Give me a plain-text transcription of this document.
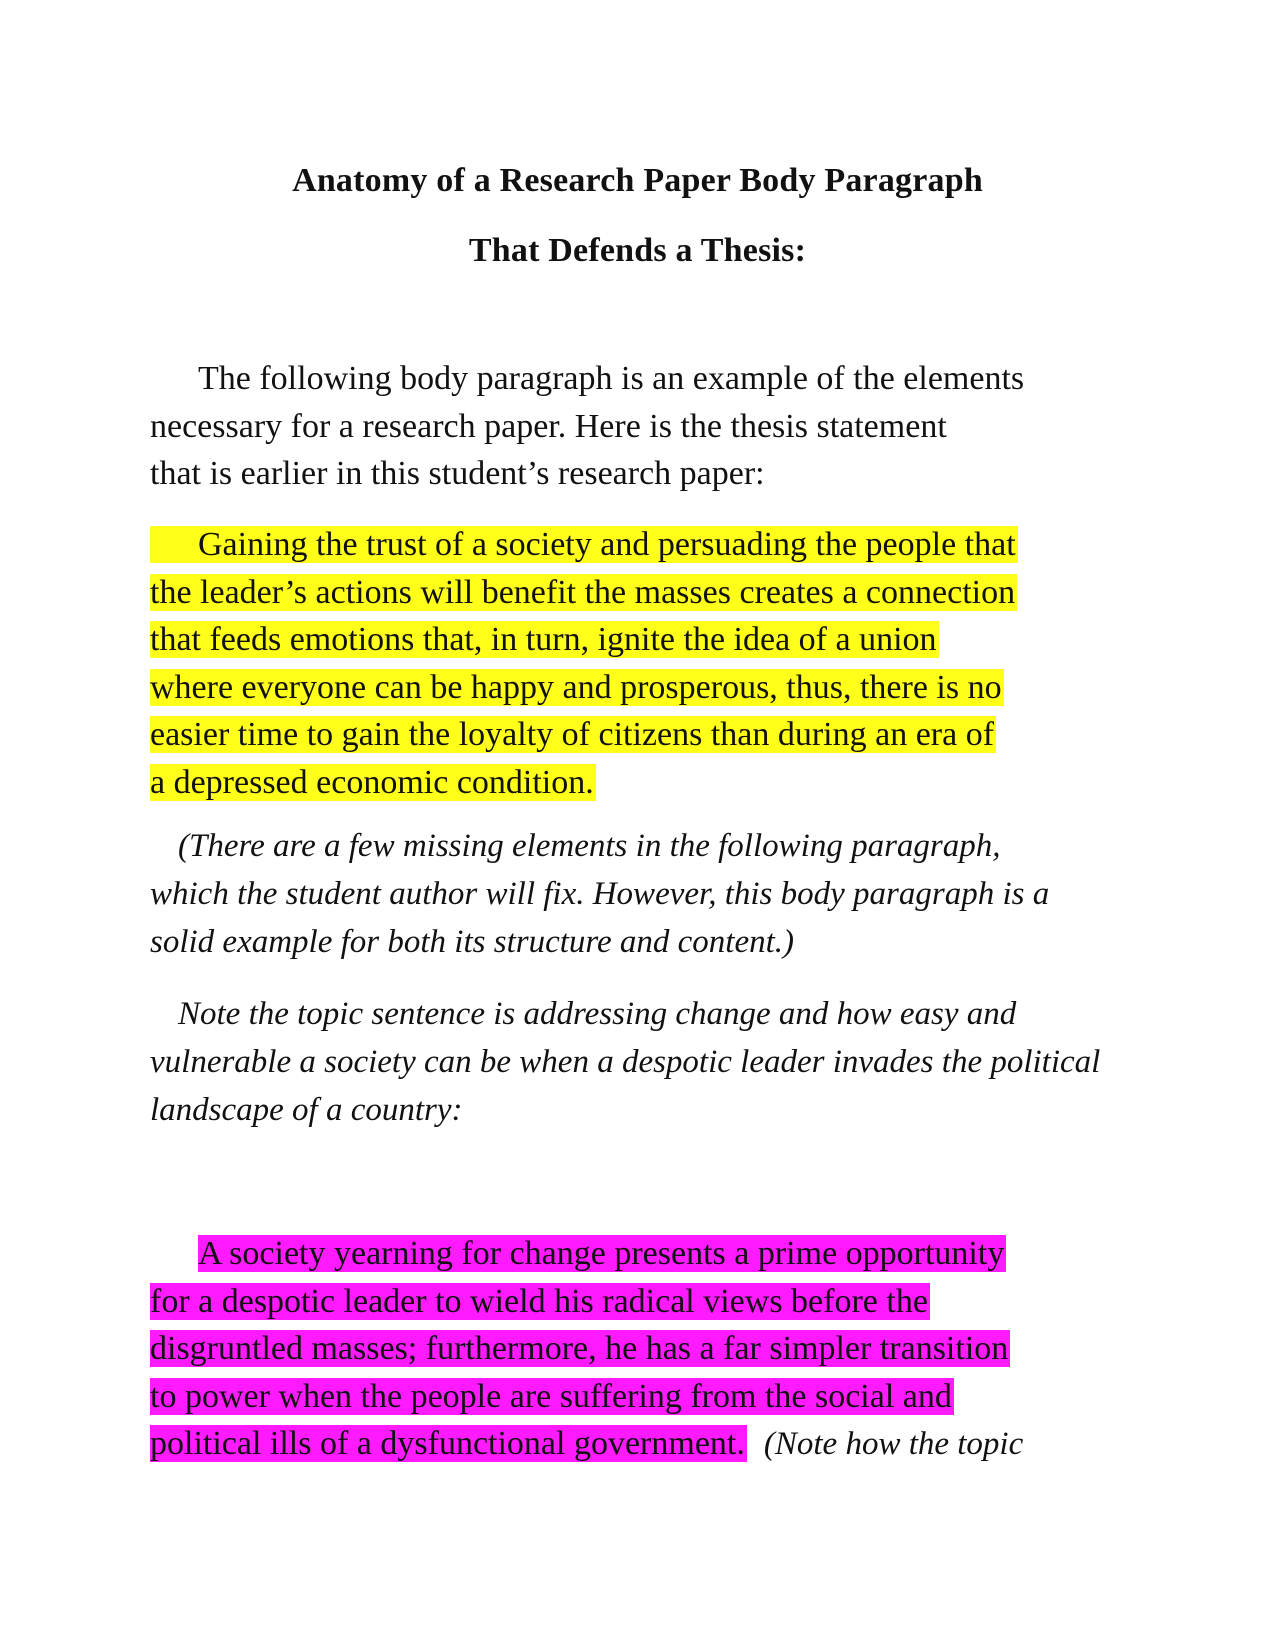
Anatomy of a Research Paper Body Paragraph
That Defends a Thesis:
The following body paragraph is an example of the elements
necessary for a research paper. Here is the thesis statement
that is earlier in this student’s research paper:
Gaining the trust of a society and persuading the people that
the leader’s actions will benefit the masses creates a connection
that feeds emotions that, in turn, ignite the idea of a union
where everyone can be happy and prosperous, thus, there is no
easier time to gain the loyalty of citizens than during an era of
a depressed economic condition.
(There are a few missing elements in the following paragraph,
which the student author will fix. However, this body paragraph is a
solid example for both its structure and content.)
Note the topic sentence is addressing change and how easy and
vulnerable a society can be when a despotic leader invades the political
landscape of a country:
A society yearning for change presents a prime opportunity
for a despotic leader to wield his radical views before the
disgruntled masses; furthermore, he has a far simpler transition
to power when the people are suffering from the social and
political ills of a dysfunctional government. (Note how the topic
